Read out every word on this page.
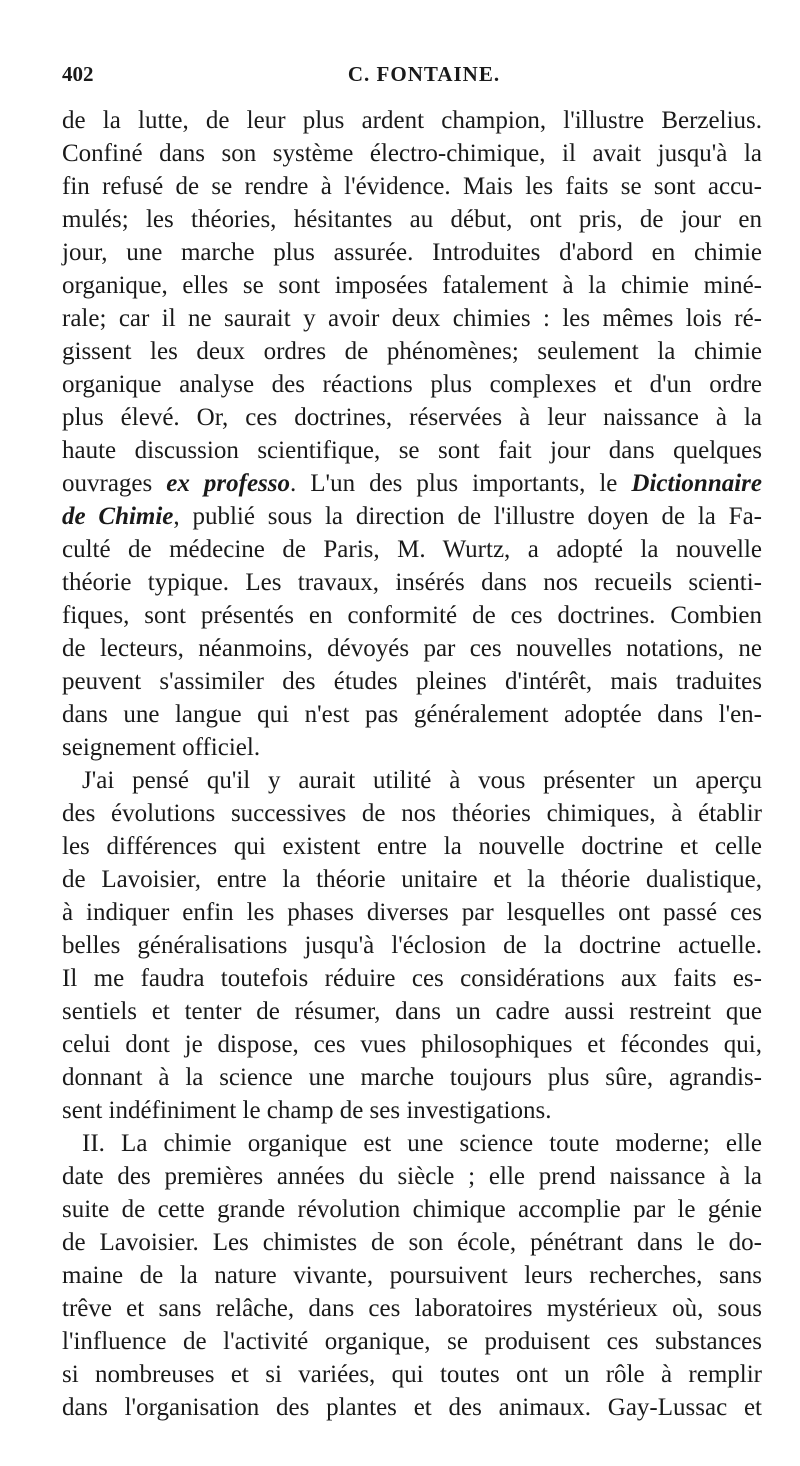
402	C. FONTAINE.
de la lutte, de leur plus ardent champion, l'illustre Berzelius.
Confiné dans son système électro-chimique, il avait jusqu'à la
fin refusé de se rendre à l'évidence. Mais les faits se sont accu-
mulés; les théories, hésitantes au début, ont pris, de jour en
jour, une marche plus assurée. Introduites d'abord en chimie
organique, elles se sont imposées fatalement à la chimie miné-
rale; car il ne saurait y avoir deux chimies : les mêmes lois ré-
gissent les deux ordres de phénomènes; seulement la chimie
organique analyse des réactions plus complexes et d'un ordre
plus élevé. Or, ces doctrines, réservées à leur naissance à la
haute discussion scientifique, se sont fait jour dans quelques
ouvrages ex professo. L'un des plus importants, le Dictionnaire
de Chimie, publié sous la direction de l'illustre doyen de la Fa-
culté de médecine de Paris, M. Wurtz, a adopté la nouvelle
théorie typique. Les travaux, insérés dans nos recueils scienti-
fiques, sont présentés en conformité de ces doctrines. Combien
de lecteurs, néanmoins, dévoyés par ces nouvelles notations, ne
peuvent s'assimiler des études pleines d'intérêt, mais traduites
dans une langue qui n'est pas généralement adoptée dans l'en-
seignement officiel.
J'ai pensé qu'il y aurait utilité à vous présenter un aperçu
des évolutions successives de nos théories chimiques, à établir
les différences qui existent entre la nouvelle doctrine et celle
de Lavoisier, entre la théorie unitaire et la théorie dualistique,
à indiquer enfin les phases diverses par lesquelles ont passé ces
belles généralisations jusqu'à l'éclosion de la doctrine actuelle.
Il me faudra toutefois réduire ces considérations aux faits es-
sentiels et tenter de résumer, dans un cadre aussi restreint que
celui dont je dispose, ces vues philosophiques et fécondes qui,
donnant à la science une marche toujours plus sûre, agrandis-
sent indéfiniment le champ de ses investigations.
II. La chimie organique est une science toute moderne; elle
date des premières années du siècle ; elle prend naissance à la
suite de cette grande révolution chimique accomplie par le génie
de Lavoisier. Les chimistes de son école, pénétrant dans le do-
maine de la nature vivante, poursuivent leurs recherches, sans
trêve et sans relâche, dans ces laboratoires mystérieux où, sous
l'influence de l'activité organique, se produisent ces substances
si nombreuses et si variées, qui toutes ont un rôle à remplir
dans l'organisation des plantes et des animaux. Gay-Lussac et
